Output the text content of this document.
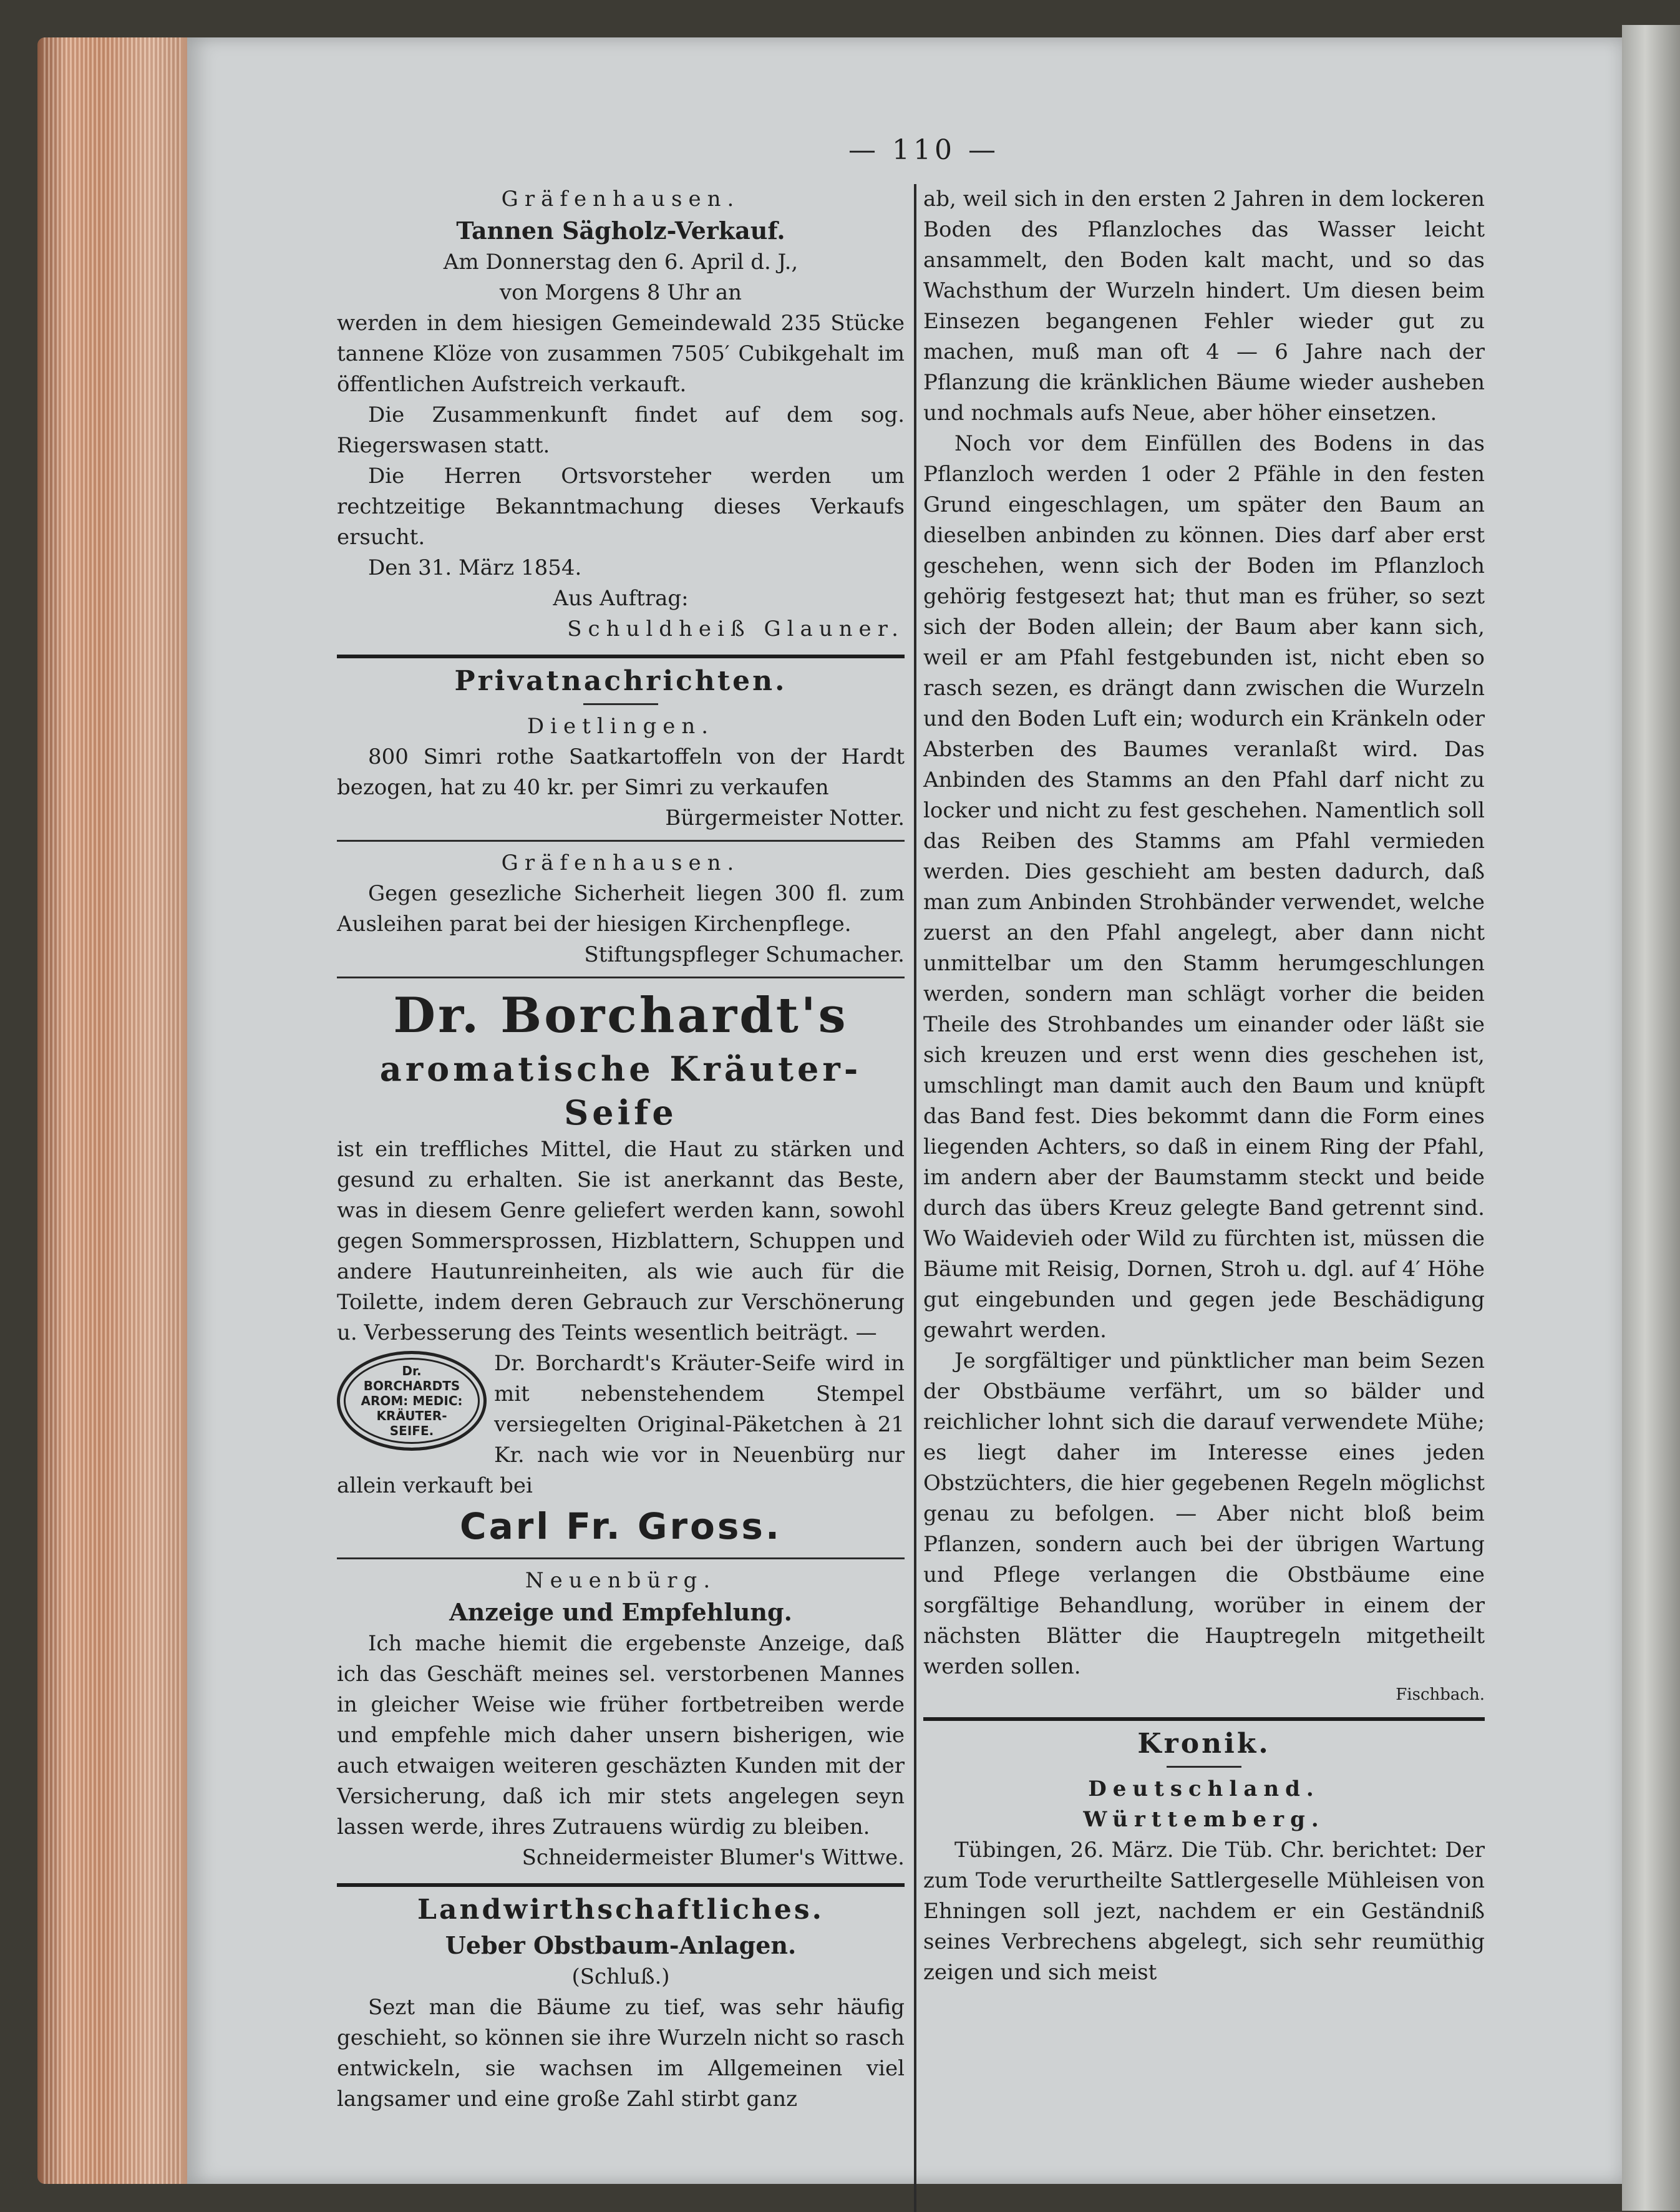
— 110 —

Gräfenhausen.

Tannen Sägholz-Verkauf.

Am Donnerstag den 6. April d. J.,

von Morgens 8 Uhr an

werden in dem hiesigen Gemeindewald 235 Stücke tannene Klöze von zusammen 7505′ Cubikgehalt im öffentlichen Aufstreich verkauft.

Die Zusammenkunft findet auf dem sog. Riegerswasen statt.

Die Herren Ortsvorsteher werden um rechtzeitige Bekanntmachung dieses Verkaufs ersucht.

Den 31. März 1854.

Aus Auftrag:

Schuldheiß Glauner.

Privatnachrichten.

Dietlingen.

800 Simri rothe Saatkartoffeln von der Hardt bezogen, hat zu 40 kr. per Simri zu verkaufen

Bürgermeister Notter.

Gräfenhausen.

Gegen gesezliche Sicherheit liegen 300 fl. zum Ausleihen parat bei der hiesigen Kirchenpflege.

Stiftungspfleger Schumacher.

Dr. Borchardt's

aromatische Kräuter-Seife

ist ein treffliches Mittel, die Haut zu stärken und gesund zu erhalten. Sie ist anerkannt das Beste, was in diesem Genre geliefert werden kann, sowohl gegen Sommersprossen, Hizblattern, Schuppen und andere Hautunreinheiten, als wie auch für die Toilette, indem deren Gebrauch zur Verschönerung u. Verbesserung des Teints wesentlich beiträgt. —

Dr.
BORCHARDTS
AROM: MEDIC:
KRÄUTER-
SEIFE.

Dr. Borchardt's Kräuter-Seife wird in mit nebenstehendem Stempel versiegelten Original-Päketchen à 21 Kr. nach wie vor in Neuenbürg nur allein verkauft bei

Carl Fr. Gross.

Neuenbürg.

Anzeige und Empfehlung.

Ich mache hiemit die ergebenste Anzeige, daß ich das Geschäft meines sel. verstorbenen Mannes in gleicher Weise wie früher fortbetreiben werde und empfehle mich daher unsern bisherigen, wie auch etwaigen weiteren geschäzten Kunden mit der Versicherung, daß ich mir stets angelegen seyn lassen werde, ihres Zutrauens würdig zu bleiben.

Schneidermeister Blumer's Wittwe.

Landwirthschaftliches.

Ueber Obstbaum-Anlagen.

(Schluß.)

Sezt man die Bäume zu tief, was sehr häufig geschieht, so können sie ihre Wurzeln nicht so rasch entwickeln, sie wachsen im Allgemeinen viel langsamer und eine große Zahl stirbt ganz

ab, weil sich in den ersten 2 Jahren in dem lockeren Boden des Pflanzloches das Wasser leicht ansammelt, den Boden kalt macht, und so das Wachsthum der Wurzeln hindert. Um diesen beim Einsezen begangenen Fehler wieder gut zu machen, muß man oft 4 — 6 Jahre nach der Pflanzung die kränklichen Bäume wieder ausheben und nochmals aufs Neue, aber höher einsetzen.

Noch vor dem Einfüllen des Bodens in das Pflanzloch werden 1 oder 2 Pfähle in den festen Grund eingeschlagen, um später den Baum an dieselben anbinden zu können. Dies darf aber erst geschehen, wenn sich der Boden im Pflanzloch gehörig festgesezt hat; thut man es früher, so sezt sich der Boden allein; der Baum aber kann sich, weil er am Pfahl festgebunden ist, nicht eben so rasch sezen, es drängt dann zwischen die Wurzeln und den Boden Luft ein; wodurch ein Kränkeln oder Absterben des Baumes veranlaßt wird. Das Anbinden des Stamms an den Pfahl darf nicht zu locker und nicht zu fest geschehen. Namentlich soll das Reiben des Stamms am Pfahl vermieden werden. Dies geschieht am besten dadurch, daß man zum Anbinden Strohbänder verwendet, welche zuerst an den Pfahl angelegt, aber dann nicht unmittelbar um den Stamm herumgeschlungen werden, sondern man schlägt vorher die beiden Theile des Strohbandes um einander oder läßt sie sich kreuzen und erst wenn dies geschehen ist, umschlingt man damit auch den Baum und knüpft das Band fest. Dies bekommt dann die Form eines liegenden Achters, so daß in einem Ring der Pfahl, im andern aber der Baumstamm steckt und beide durch das übers Kreuz gelegte Band getrennt sind. Wo Waidevieh oder Wild zu fürchten ist, müssen die Bäume mit Reisig, Dornen, Stroh u. dgl. auf 4′ Höhe gut eingebunden und gegen jede Beschädigung gewahrt werden.

Je sorgfältiger und pünktlicher man beim Sezen der Obstbäume verfährt, um so bälder und reichlicher lohnt sich die darauf verwendete Mühe; es liegt daher im Interesse eines jeden Obstzüchters, die hier gegebenen Regeln möglichst genau zu befolgen. — Aber nicht bloß beim Pflanzen, sondern auch bei der übrigen Wartung und Pflege verlangen die Obstbäume eine sorgfältige Behandlung, worüber in einem der nächsten Blätter die Hauptregeln mitgetheilt werden sollen.

Fischbach.

Kronik.

Deutschland.

Württemberg.

Tübingen, 26. März. Die Tüb. Chr. berichtet: Der zum Tode verurtheilte Sattlergeselle Mühleisen von Ehningen soll jezt, nachdem er ein Geständniß seines Verbrechens abgelegt, sich sehr reumüthig zeigen und sich meist
